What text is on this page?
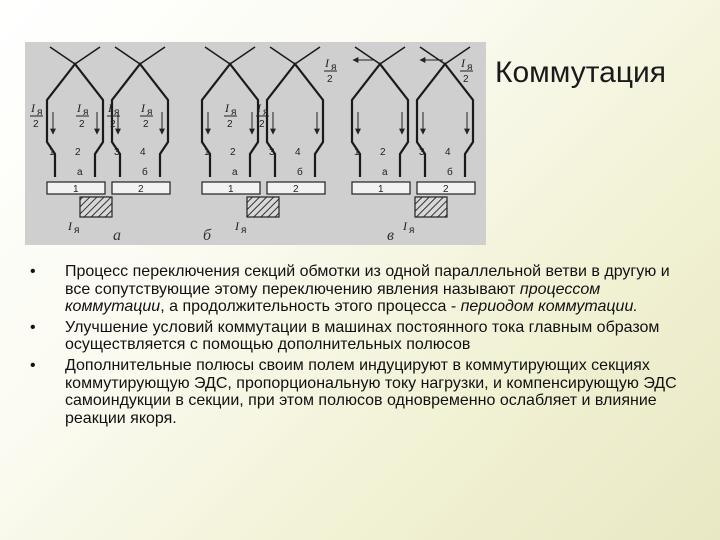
1	2
I я
1 2	3 4
а	б
а
1	2
I я
1 2	3 4
а	б
б
1	2
I я
1 2	3 4
а	б
в
I я
2
I я
2
I я
2
I я
2
I я
2
I я
2
I я
2
I я
2 Коммутация
• Процесс переключения секций обмотки из одной параллельной ветви в другую и все сопутствующие этому переключению явления называют процессом коммутации, а продолжительность этого процесса - периодом коммутации.
• Улучшение условий коммутации в машинах постоянного тока главным образом осуществляется с помощью дополнительных полюсов
• Дополнительные полюсы своим полем индуцируют в коммутирующих секциях коммутирующую ЭДС, пропорциональную току нагрузки, и компенсирующую ЭДС самоиндукции в секции, при этом полюсов одновременно ослабляет и влияние реакции якоря.
